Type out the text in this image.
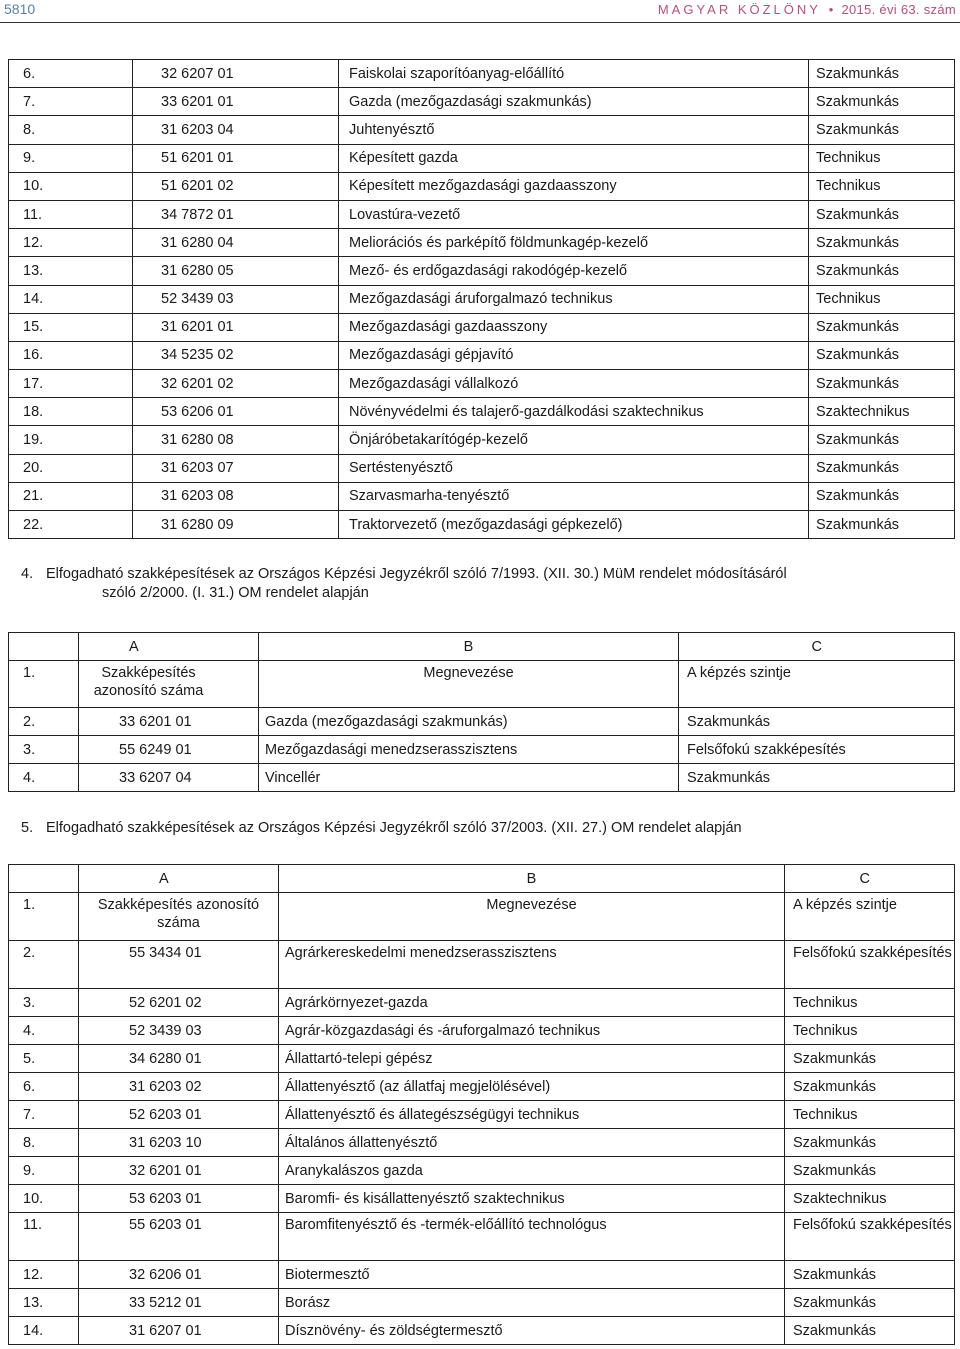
5810	MAGYAR KÖZLÖNY  •  2015. évi 63. szám
6.	32 6207 01	Faiskolai szaporítóanyag-előállító	Szakmunkás
7.	33 6201 01	Gazda (mezőgazdasági szakmunkás)	Szakmunkás
8.	31 6203 04	Juhtenyésztő	Szakmunkás
9.	51 6201 01	Képesített gazda	Technikus
10.	51 6201 02	Képesített mezőgazdasági gazdaasszony	Technikus
11.	34 7872 01	Lovastúra-vezető	Szakmunkás
12.	31 6280 04	Meliorációs és parképítő földmunkagép-kezelő	Szakmunkás
13.	31 6280 05	Mező- és erdőgazdasági rakodógép-kezelő	Szakmunkás
14.	52 3439 03	Mezőgazdasági áruforgalmazó technikus	Technikus
15.	31 6201 01	Mezőgazdasági gazdaasszony	Szakmunkás
16.	34 5235 02	Mezőgazdasági gépjavító	Szakmunkás
17.	32 6201 02	Mezőgazdasági vállalkozó	Szakmunkás
18.	53 6206 01	Növényvédelmi és talajerő-gazdálkodási szaktechnikus	Szaktechnikus
19.	31 6280 08	Önjáróbetakarítógép-kezelő	Szakmunkás
20.	31 6203 07	Sertéstenyésztő	Szakmunkás
21.	31 6203 08	Szarvasmarha-tenyésztő	Szakmunkás
22.	31 6280 09	Traktorvezető (mezőgazdasági gépkezelő)	Szakmunkás
4. Elfogadható szakképesítések az Országos Képzési Jegyzékről szóló 7/1993. (XII. 30.) MüM rendelet módosításáról
szóló 2/2000. (I. 31.) OM rendelet alapján
	A	B	C
1.	Szakképesítés azonosító száma	Megnevezése	A képzés szintje
2.	33 6201 01	Gazda (mezőgazdasági szakmunkás)	Szakmunkás
3.	55 6249 01	Mezőgazdasági menedzserasszisztens	Felsőfokú szakképesítés
4.	33 6207 04	Vincellér	Szakmunkás
5. Elfogadható szakképesítések az Országos Képzési Jegyzékről szóló 37/2003. (XII. 27.) OM rendelet alapján
	A	B	C
1.	Szakképesítés azonosító száma	Megnevezése	A képzés szintje
2.	55 3434 01	Agrárkereskedelmi menedzserasszisztens	Felsőfokú szakképesítés
3.	52 6201 02	Agrárkörnyezet-gazda	Technikus
4.	52 3439 03	Agrár-közgazdasági és -áruforgalmazó technikus	Technikus
5.	34 6280 01	Állattartó-telepi gépész	Szakmunkás
6.	31 6203 02	Állattenyésztő (az állatfaj megjelölésével)	Szakmunkás
7.	52 6203 01	Állattenyésztő és állategészségügyi technikus	Technikus
8.	31 6203 10	Általános állattenyésztő	Szakmunkás
9.	32 6201 01	Aranykalászos gazda	Szakmunkás
10.	53 6203 01	Baromfi- és kisállattenyésztő szaktechnikus	Szaktechnikus
11.	55 6203 01	Baromfitenyésztő és -termék-előállító technológus	Felsőfokú szakképesítés
12.	32 6206 01	Biotermesztő	Szakmunkás
13.	33 5212 01	Borász	Szakmunkás
14.	31 6207 01	Dísznövény- és zöldségtermesztő	Szakmunkás
